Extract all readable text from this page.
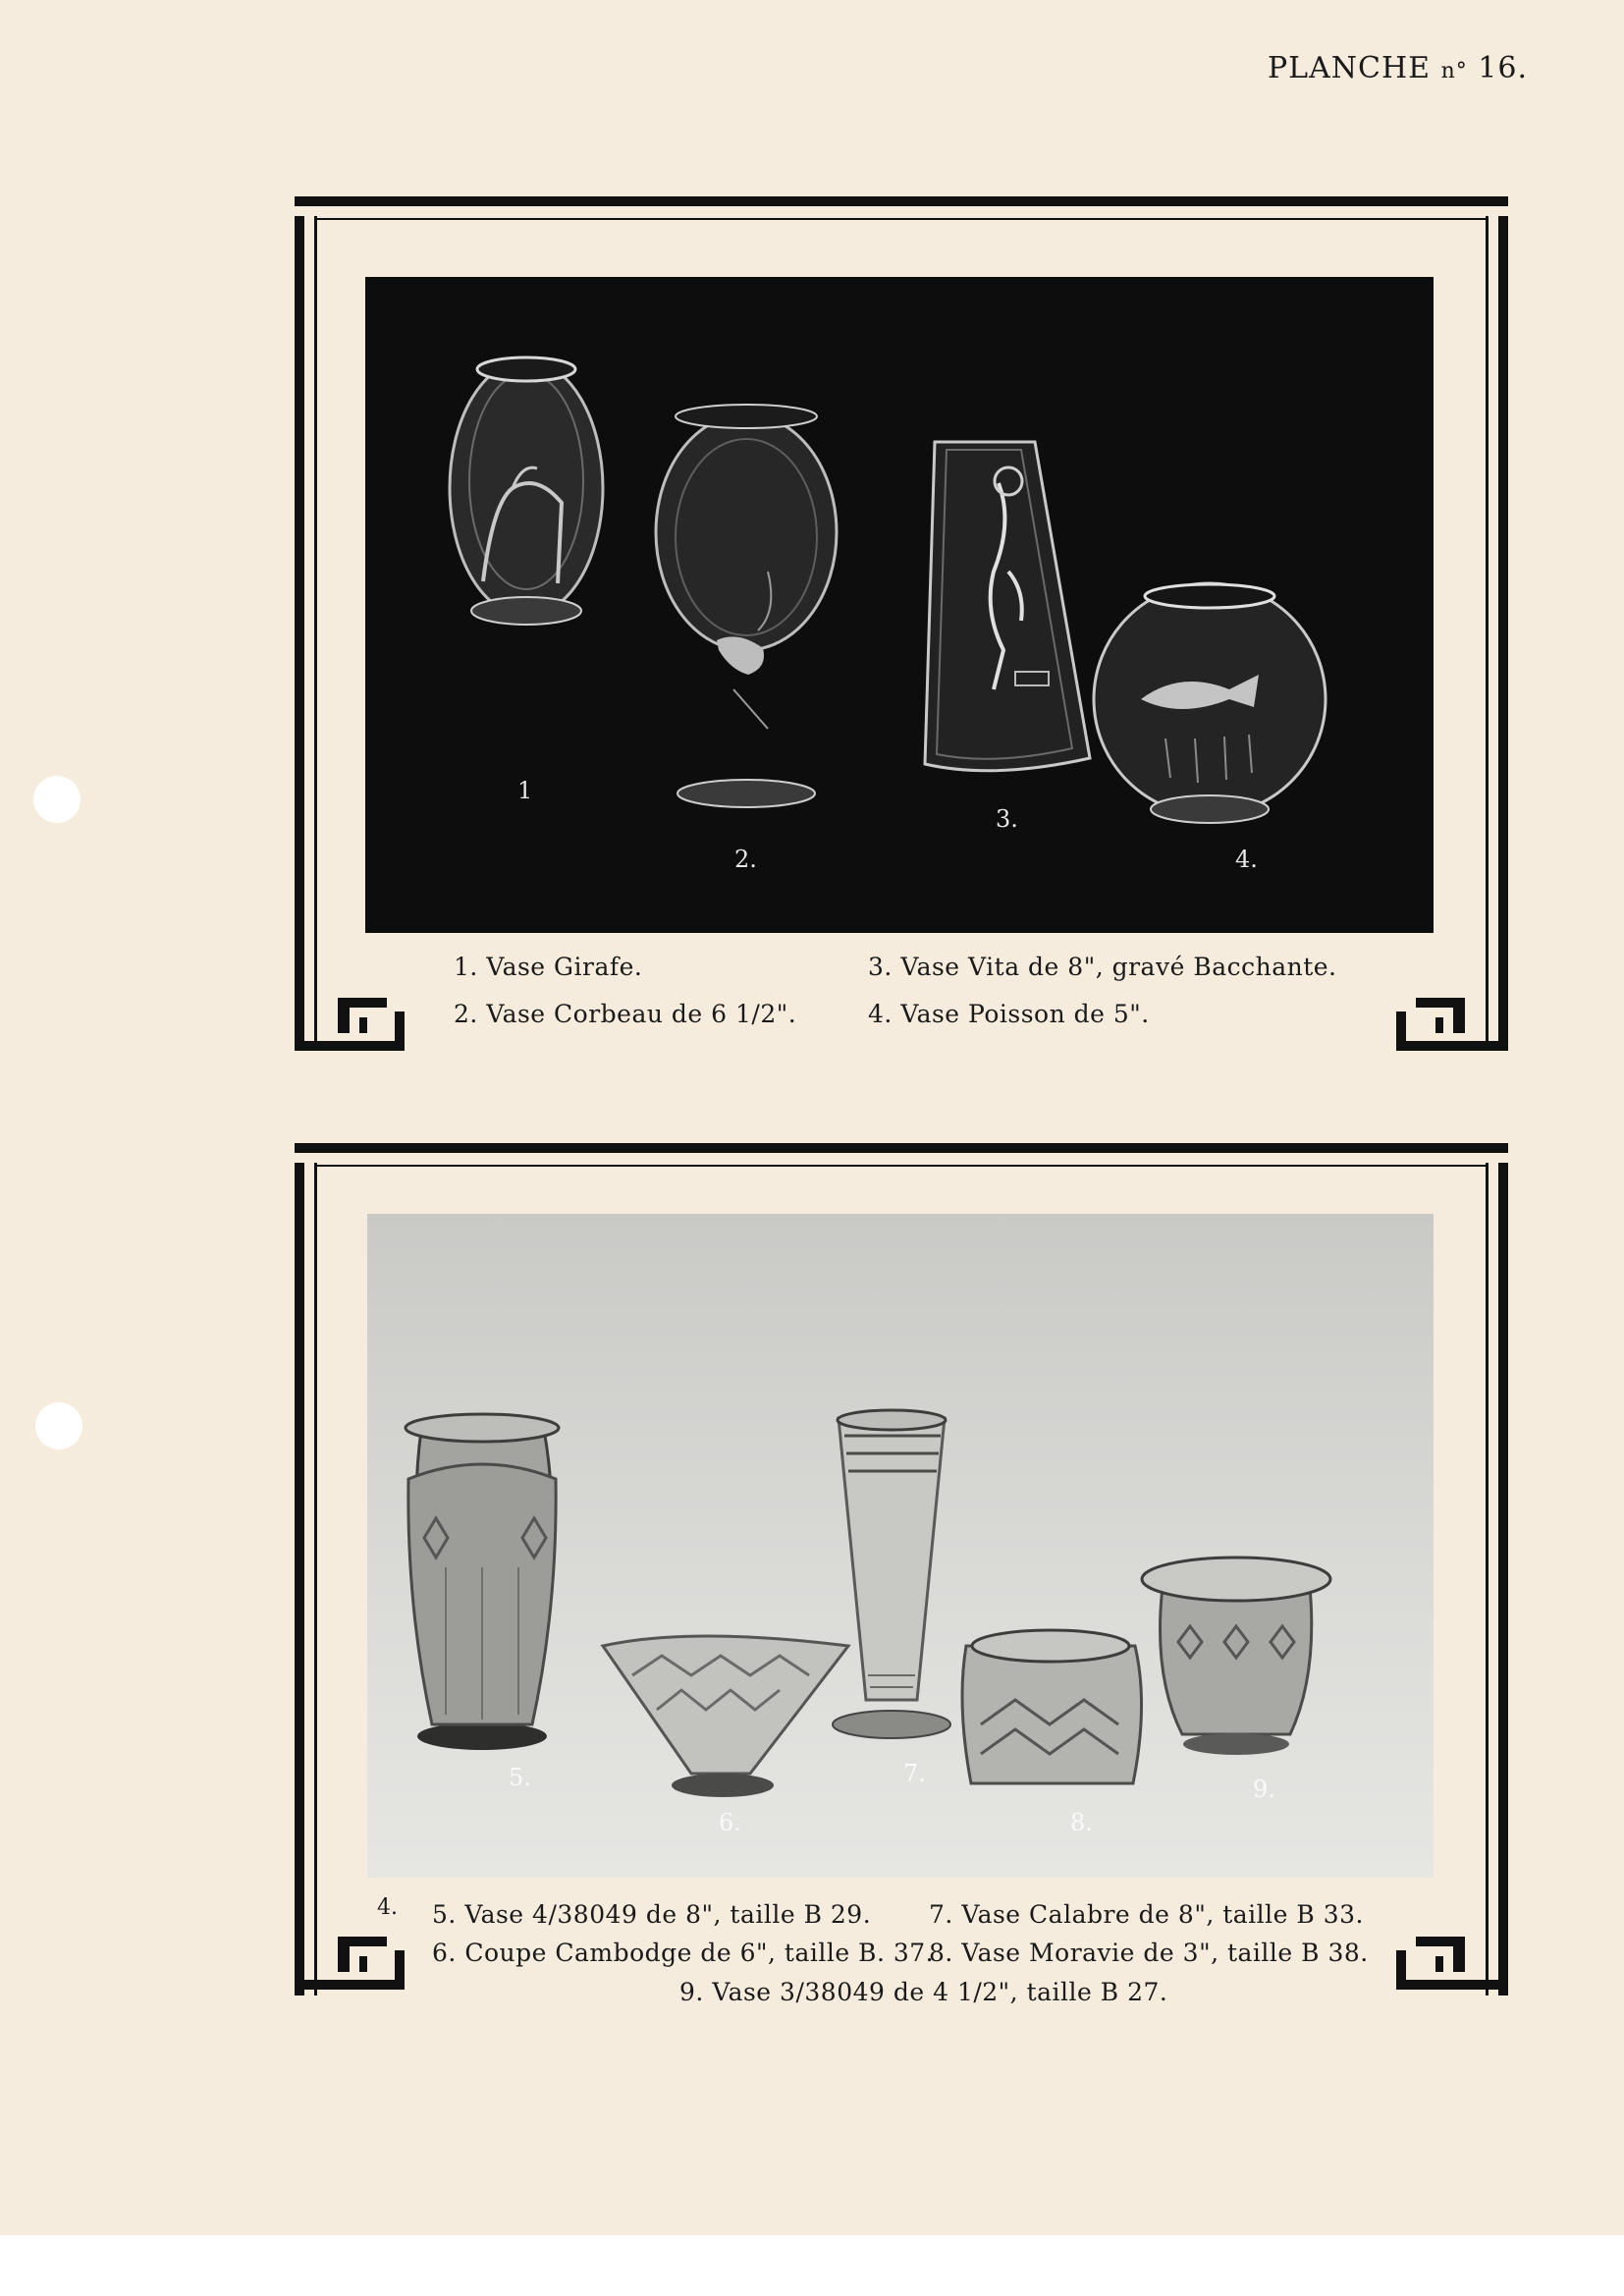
PLANCHE n° 16.
1
2.
3.
4.
1. Vase Girafe.
2. Vase Corbeau de 6 1/2".
3. Vase Vita de 8", gravé Bacchante.
4. Vase Poisson de 5".
5.
6.
7.
8.
9.
4. 5. Vase 4/38049 de 8", taille B 29.
6. Coupe Cambodge de 6", taille B. 37.
7. Vase Calabre de 8", taille B 33.
8. Vase Moravie de 3", taille B 38.
9. Vase 3/38049 de 4 1/2", taille B 27.
